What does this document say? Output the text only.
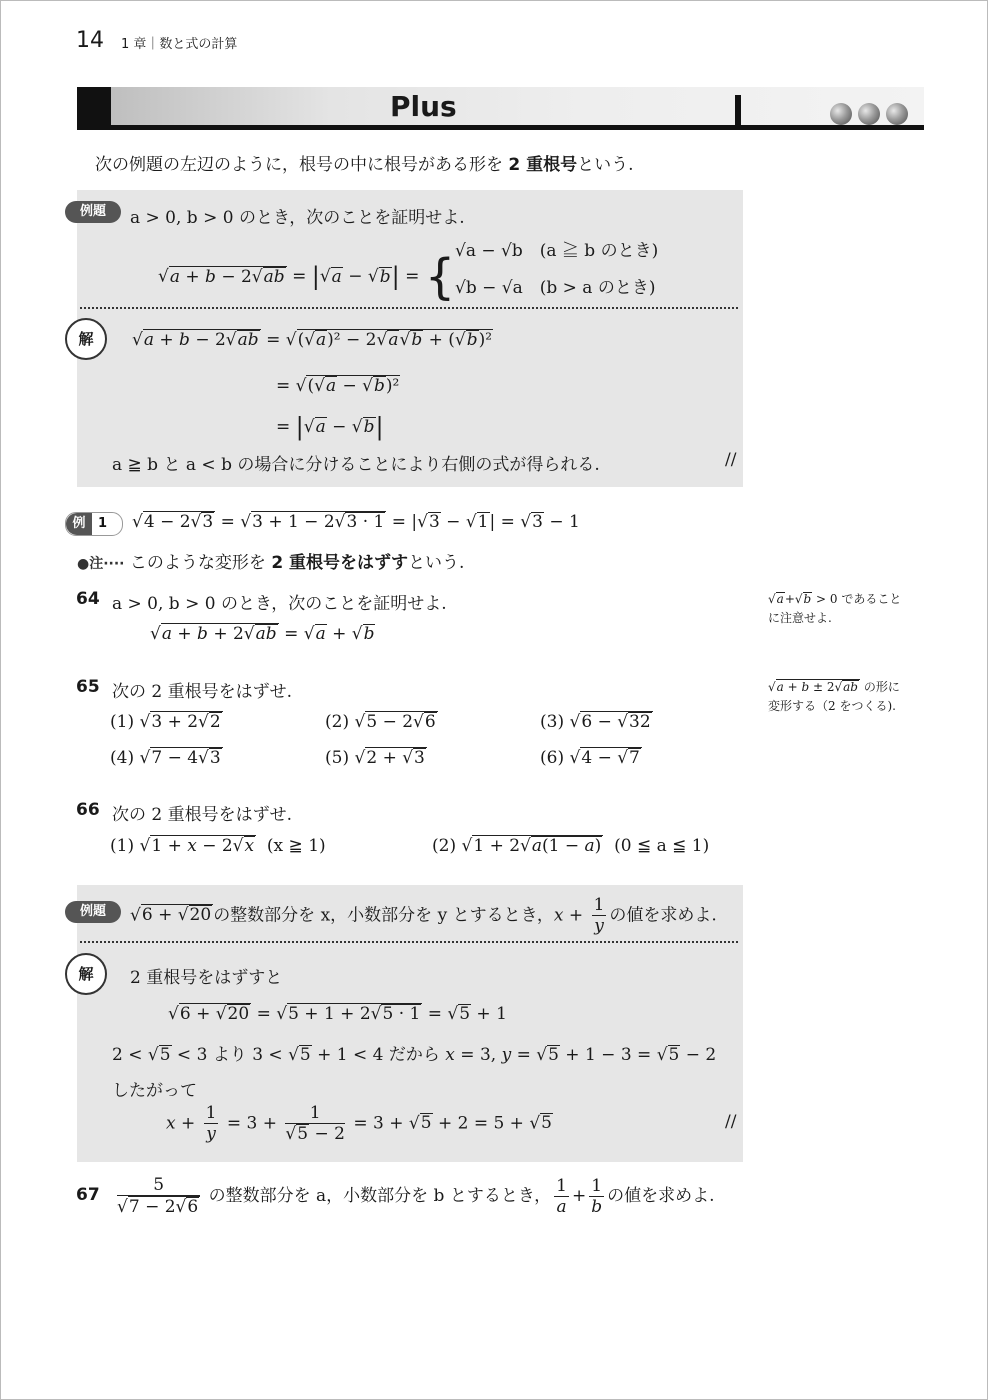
14 1 章｜数と式の計算
Plus
次の例題の左辺のように，根号の中に根号がある形を 2 重根号という.
例題	a > 0, b > 0 のとき，次のことを証明せよ.
√a + b − 2√ab = |√a − √b| = { √a − √b　(a ≧ b のとき)
√b − √a　(b > a のとき)
解	√a + b − 2√ab = √(√a)² − 2√a√b + (√b)²
= √(√a − √b)²
= |√a − √b|
a ≧ b と a < b の場合に分けることにより右側の式が得られる.	//
例 1 √4 − 2√3 = √3 + 1 − 2√3 · 1 = |√3 − √1| = √3 − 1
●注···· このような変形を 2 重根号をはずすという.
64 a > 0, b > 0 のとき，次のことを証明せよ.
√a + b + 2√ab = √a + √b
√a+√b > 0 であること
に注意せよ.
65 次の 2 重根号をはずせ.
(1) √3 + 2√2	(2) √5 − 2√6	(3) √6 − √32
(4) √7 − 4√3	(5) √2 + √3	(6) √4 − √7
√a + b ± 2√ab の形に
変形する（2 をつくる).
66 次の 2 重根号をはずせ.
(1) √1 + x − 2√x (x ≧ 1)	(2) √1 + 2√a(1 − a) (0 ≦ a ≦ 1)
例題	√6 + √20 の整数部分を x，小数部分を y とするとき，$x + \frac{1}{y}$ の値を求めよ.
解	2 重根号をはずすと
√6 + √20 = √5 + 1 + 2√5 · 1 = √5 + 1
2 < √5 < 3 より 3 < √5 + 1 < 4 だから x = 3, y = √5 + 1 − 3 = √5 − 2
したがって
$x + \frac{1}{y} = 3 + \frac{1}{√5 - 2} = 3 + √5 + 2 = 5 + √5$	//
$67 \frac{5}{√7 - 2√6}$ の整数部分を a，小数部分を b とするとき， $\frac{1}{a} + \frac{1}{b}$ の値を求めよ.
